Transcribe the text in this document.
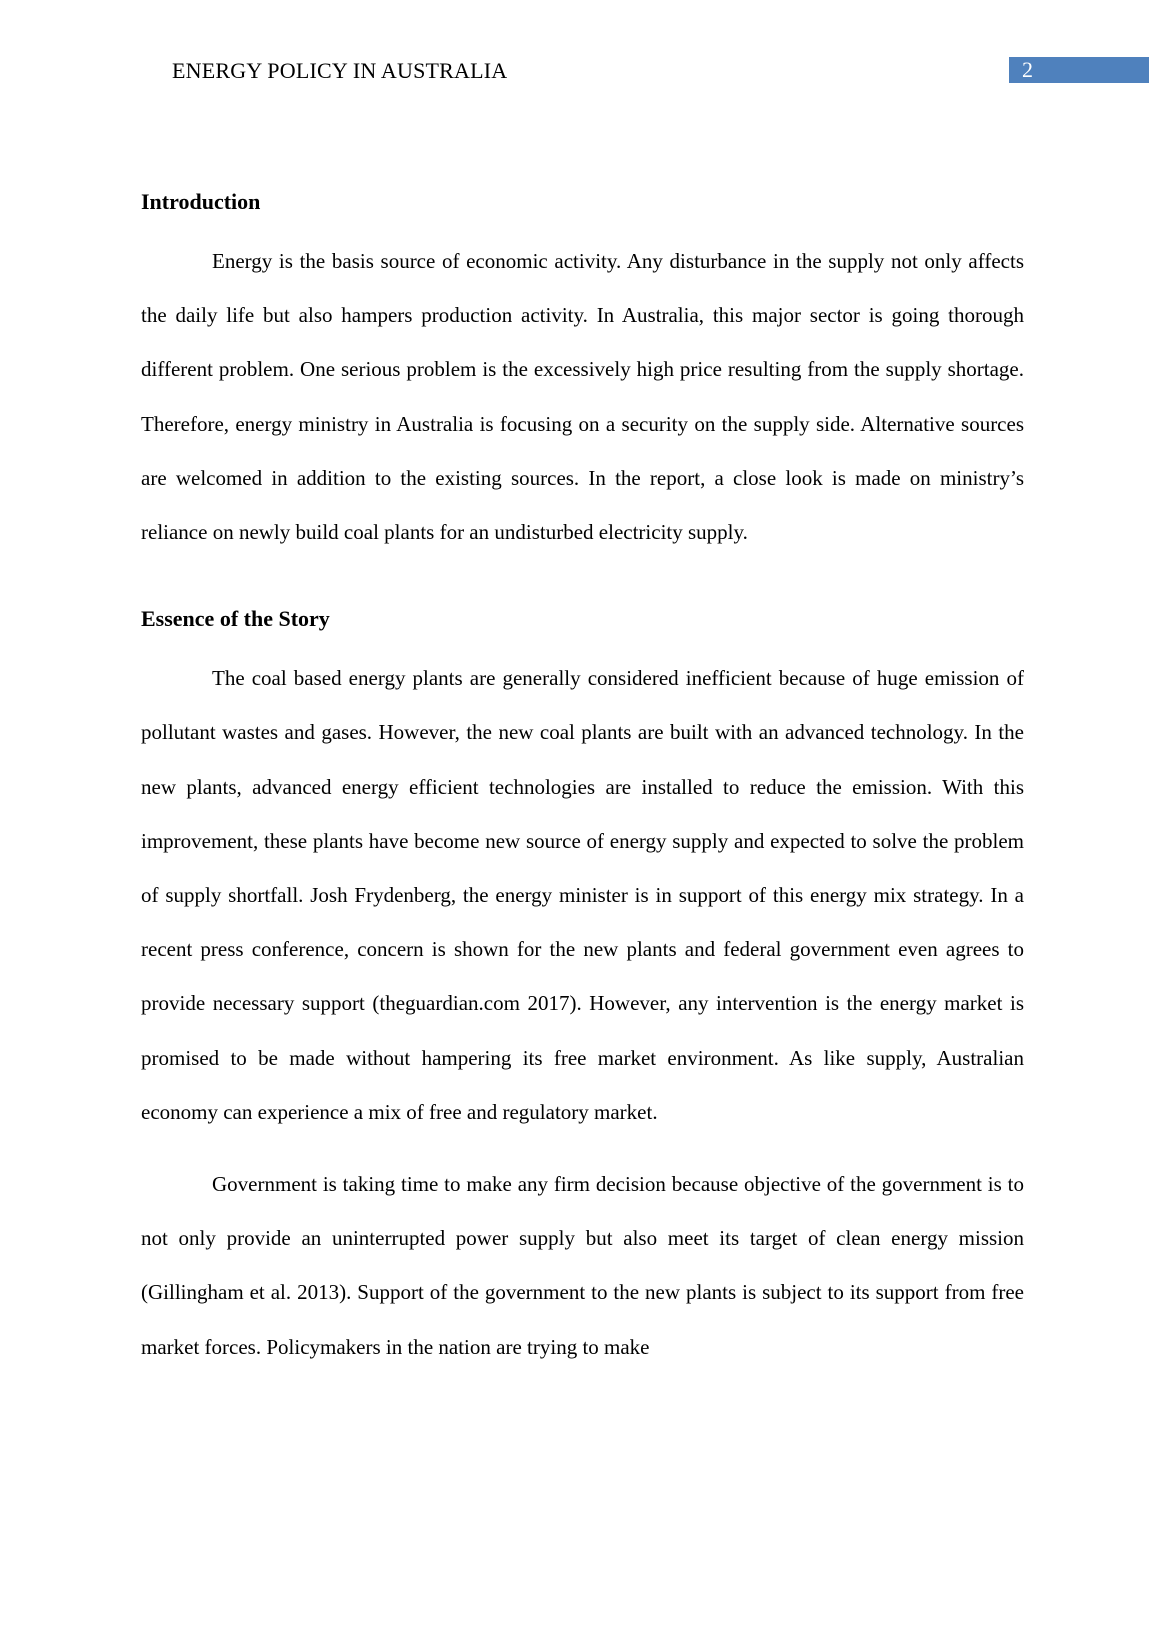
ENERGY POLICY IN AUSTRALIA	2
Introduction

Energy is the basis source of economic activity. Any disturbance in the supply not only affects the daily life but also hampers production activity. In Australia, this major sector is going thorough different problem. One serious problem is the excessively high price resulting from the supply shortage. Therefore, energy ministry in Australia is focusing on a security on the supply side. Alternative sources are welcomed in addition to the existing sources. In the report, a close look is made on ministry’s reliance on newly build coal plants for an undisturbed electricity supply.

Essence of the Story

The coal based energy plants are generally considered inefficient because of huge emission of pollutant wastes and gases. However, the new coal plants are built with an advanced technology. In the new plants, advanced energy efficient technologies are installed to reduce the emission. With this improvement, these plants have become new source of energy supply and expected to solve the problem of supply shortfall. Josh Frydenberg, the energy minister is in support of this energy mix strategy. In a recent press conference, concern is shown for the new plants and federal government even agrees to provide necessary support (theguardian.com 2017). However, any intervention is the energy market is promised to be made without hampering its free market environment. As like supply, Australian economy can experience a mix of free and regulatory market.

Government is taking time to make any firm decision because objective of the government is to not only provide an uninterrupted power supply but also meet its target of clean energy mission (Gillingham et al. 2013). Support of the government to the new plants is subject to its support from free market forces. Policymakers in the nation are trying to make
